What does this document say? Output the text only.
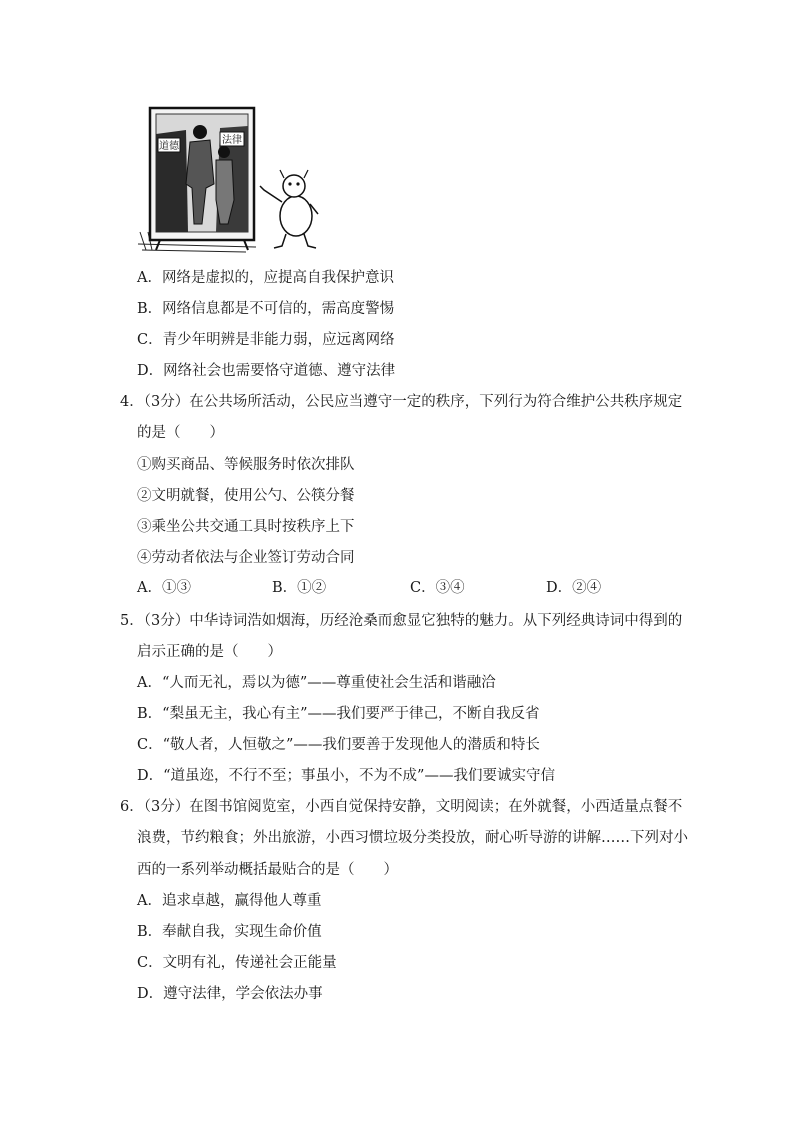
道德
法律
A．网络是虚拟的，应提高自我保护意识
B．网络信息都是不可信的，需高度警惕
C．青少年明辨是非能力弱，应远离网络
D．网络社会也需要恪守道德、遵守法律
4．（3分）在公共场所活动，公民应当遵守一定的秩序，下列行为符合维护公共秩序规定
的是（　　）
①购买商品、等候服务时依次排队
②文明就餐，使用公勺、公筷分餐
③乘坐公共交通工具时按秩序上下
④劳动者依法与企业签订劳动合同
A．①③	B．①②	C．③④	D．②④
5．（3分）中华诗词浩如烟海，历经沧桑而愈显它独特的魅力。从下列经典诗词中得到的
启示正确的是（　　）
A．“人而无礼，焉以为德”——尊重使社会生活和谐融洽
B．“梨虽无主，我心有主”——我们要严于律己，不断自我反省
C．“敬人者，人恒敬之”——我们要善于发现他人的潜质和特长
D．“道虽迩，不行不至；事虽小，不为不成”——我们要诚实守信
6．（3分）在图书馆阅览室，小西自觉保持安静，文明阅读；在外就餐，小西适量点餐不
浪费，节约粮食；外出旅游，小西习惯垃圾分类投放，耐心听导游的讲解……下列对小
西的一系列举动概括最贴合的是（　　）
A．追求卓越，赢得他人尊重
B．奉献自我，实现生命价值
C．文明有礼，传递社会正能量
D．遵守法律，学会依法办事
